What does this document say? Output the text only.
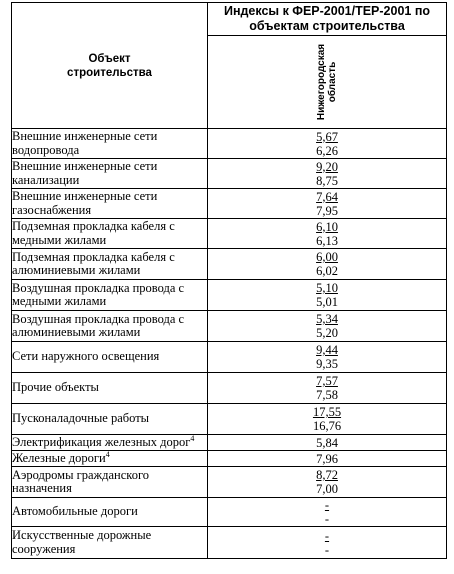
Объект строительства	Индексы к ФЕР-2001/ТЕР-2001 по объектам строительства

	Нижегородская область

Внешние инженерные сети водопровода	5,67
6,26

Внешние инженерные сети канализации	9,20
8,75

Внешние инженерные сети газоснабжения	7,64
7,95

Подземная прокладка кабеля с медными жилами	6,10
6,13

Подземная прокладка кабеля с алюминиевыми жилами	6,00
6,02

Воздушная прокладка провода с медными жилами	5,10
5,01

Воздушная прокладка провода с алюминиевыми жилами	5,34
5,20

Сети наружного освещения	9,44
9,35

Прочие объекты	7,57
7,58

Пусконаладочные работы	17,55
16,76

Электрификация железных дорог$^4$	5,84

Железные дороги$^4$	7,96

Аэродромы гражданского назначения	8,72
7,00

Автомобильные дороги	-
-

Искусственные дорожные сооружения	-
-
